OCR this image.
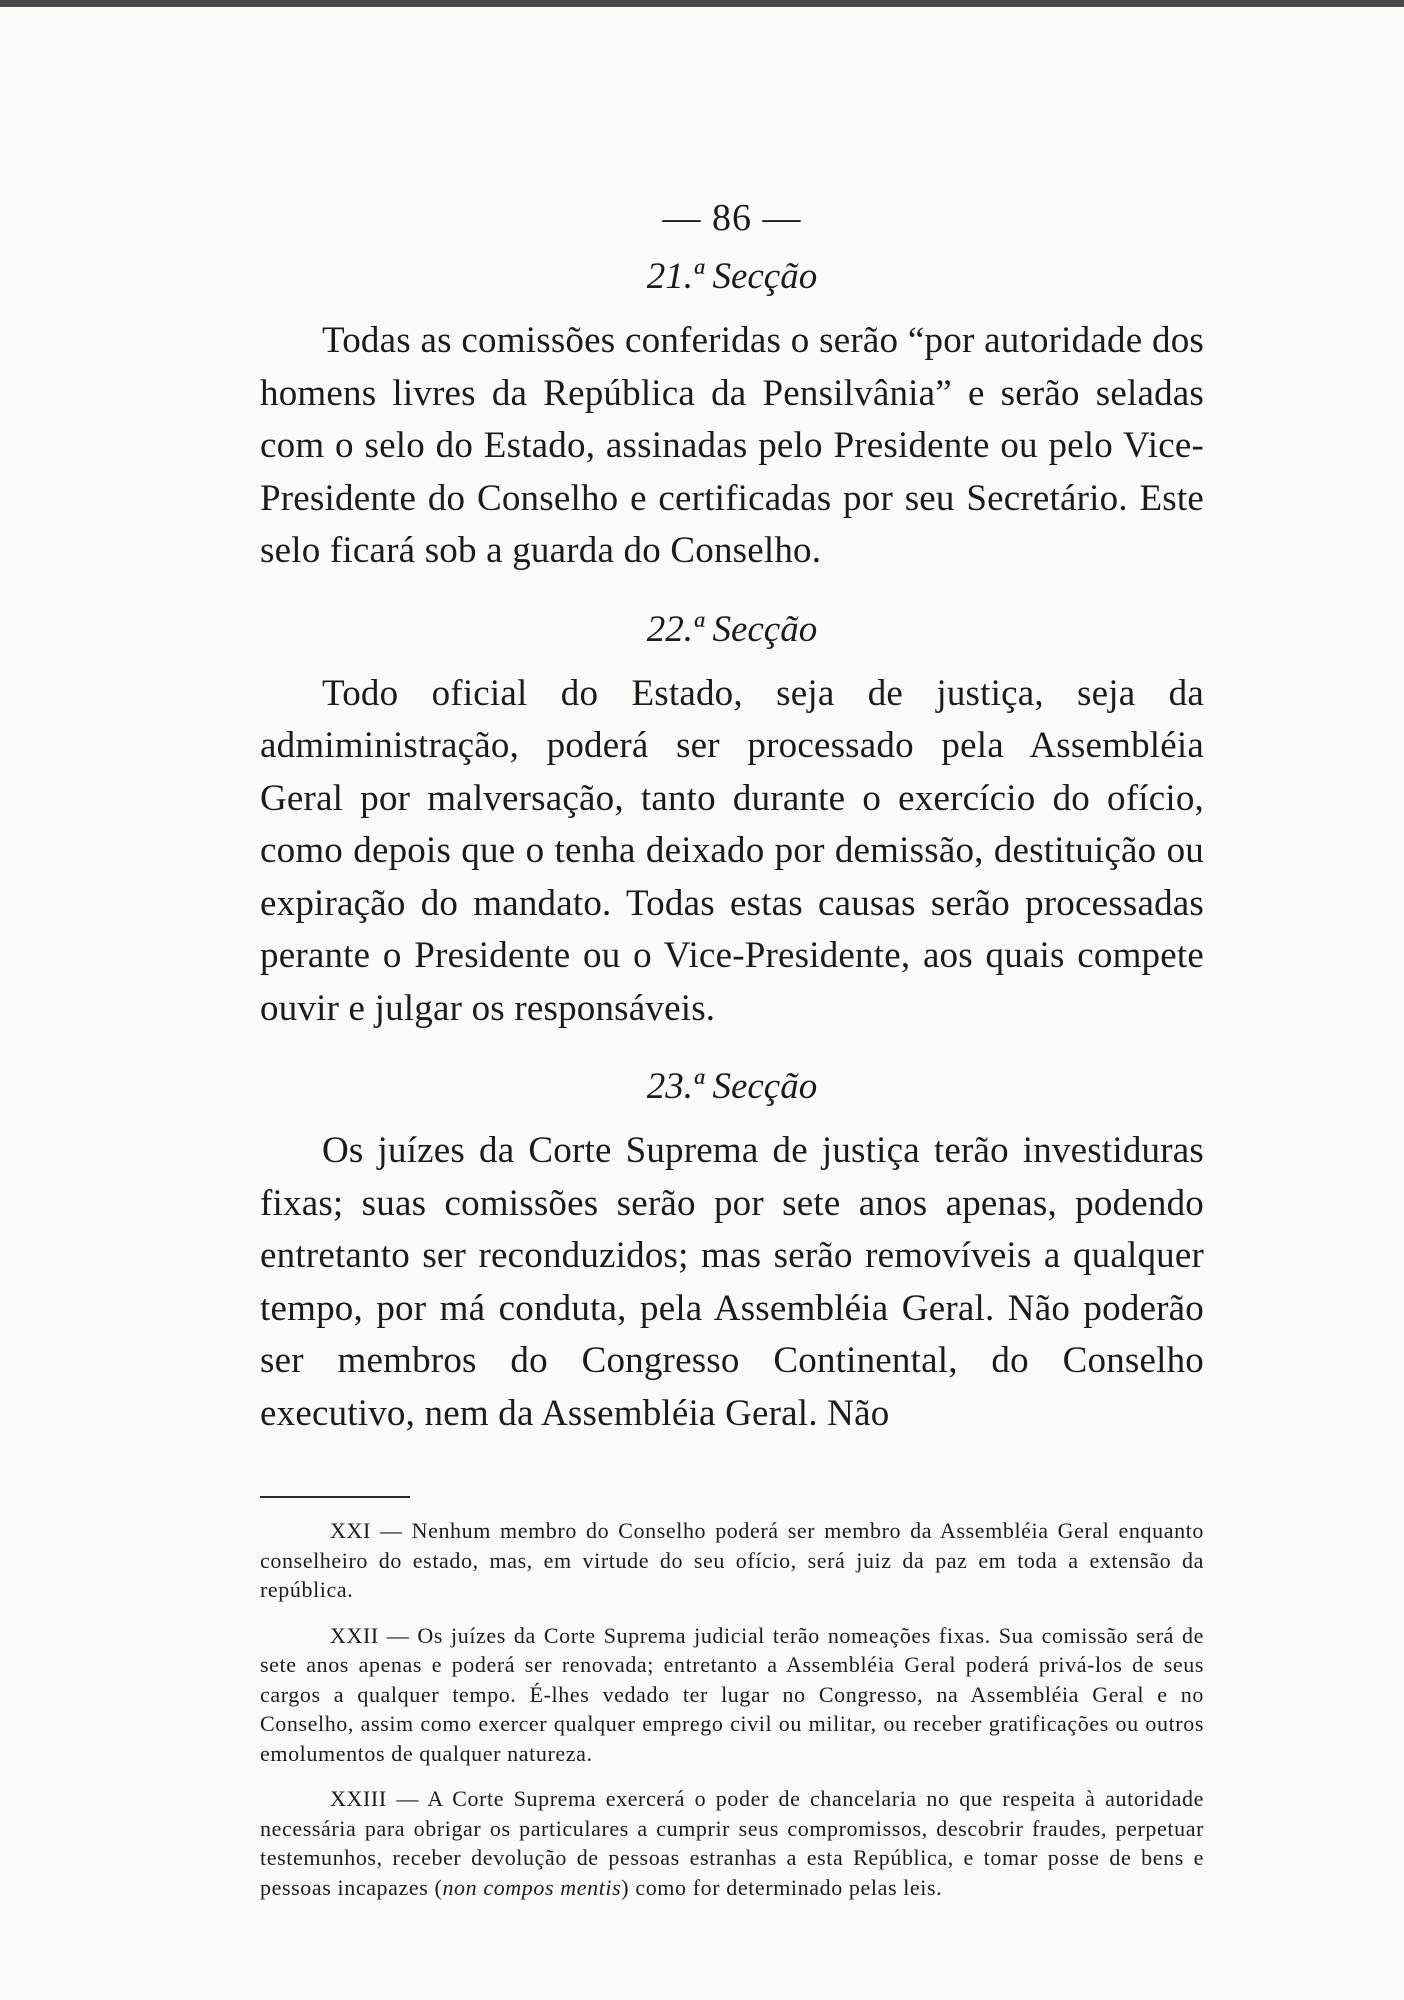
— 86 —
21.ª Secção

Todas as comissões conferidas o serão “por autoridade dos homens livres da República da Pensilvânia” e serão seladas com o selo do Estado, assinadas pelo Presidente ou pelo Vice-Presidente do Conselho e certificadas por seu Secretário. Este selo ficará sob a guarda do Conselho.

22.ª Secção

Todo oficial do Estado, seja de justiça, seja da admiministração, poderá ser processado pela Assembléia Geral por malversação, tanto durante o exercício do ofício, como depois que o tenha deixado por demissão, destituição ou expiração do mandato. Todas estas causas serão processadas perante o Presidente ou o Vice-Presidente, aos quais compete ouvir e julgar os responsáveis.

23.ª Secção

Os juízes da Corte Suprema de justiça terão investiduras fixas; suas comissões serão por sete anos apenas, podendo entretanto ser reconduzidos; mas serão removíveis a qualquer tempo, por má conduta, pela Assembléia Geral. Não poderão ser membros do Congresso Continental, do Conselho executivo, nem da Assembléia Geral. Não

XXI — Nenhum membro do Conselho poderá ser membro da Assembléia Geral enquanto conselheiro do estado, mas, em virtude do seu ofício, será juiz da paz em toda a extensão da república.

XXII — Os juízes da Corte Suprema judicial terão nomeações fixas. Sua comissão será de sete anos apenas e poderá ser renovada; entretanto a Assembléia Geral poderá privá-los de seus cargos a qualquer tempo. É-lhes vedado ter lugar no Congresso, na Assembléia Geral e no Conselho, assim como exercer qualquer emprego civil ou militar, ou receber gratificações ou outros emolumentos de qualquer natureza.

XXIII — A Corte Suprema exercerá o poder de chancelaria no que respeita à autoridade necessária para obrigar os particulares a cumprir seus compromissos, descobrir fraudes, perpetuar testemunhos, receber devolução de pessoas estranhas a esta República, e tomar posse de bens e pessoas incapazes (non compos mentis) como for determinado pelas leis.
